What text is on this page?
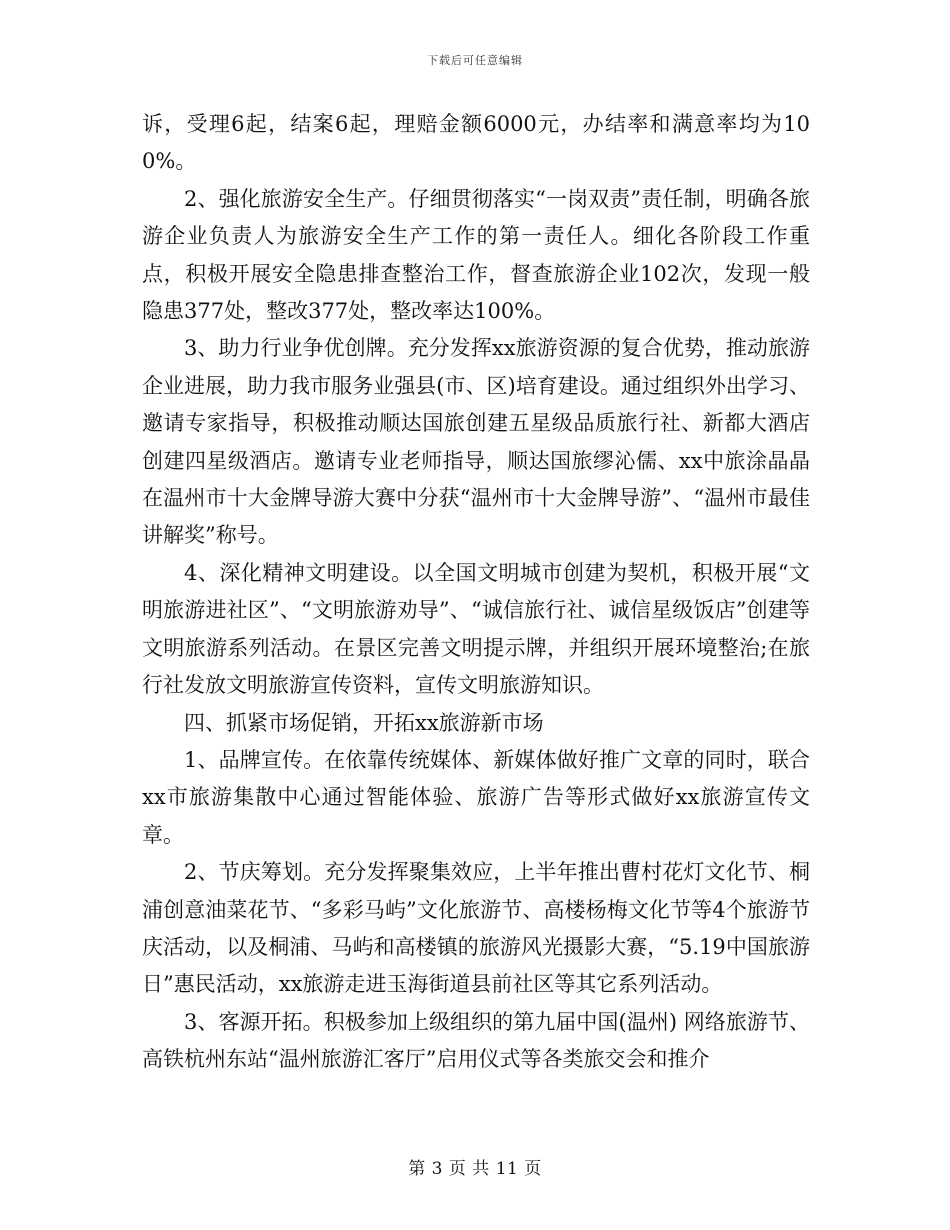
下载后可任意编辑

诉，受理6起，结案6起，理赔金额6000元，办结率和满意率均为100%。

2、强化旅游安全生产。仔细贯彻落实“一岗双责”责任制，明确各旅游企业负责人为旅游安全生产工作的第一责任人。细化各阶段工作重点，积极开展安全隐患排查整治工作，督查旅游企业102次，发现一般隐患377处，整改377处，整改率达100%。

3、助力行业争优创牌。充分发挥xx旅游资源的复合优势，推动旅游企业进展，助力我市服务业强县(市、区)培育建设。通过组织外出学习、邀请专家指导，积极推动顺达国旅创建五星级品质旅行社、新都大酒店创建四星级酒店。邀请专业老师指导，顺达国旅缪沁儒、xx中旅涂晶晶在温州市十大金牌导游大赛中分获“温州市十大金牌导游”、“温州市最佳讲解奖”称号。

4、深化精神文明建设。以全国文明城市创建为契机，积极开展“文明旅游进社区”、“文明旅游劝导”、“诚信旅行社、诚信星级饭店”创建等文明旅游系列活动。在景区完善文明提示牌，并组织开展环境整治;在旅行社发放文明旅游宣传资料，宣传文明旅游知识。

四、抓紧市场促销，开拓xx旅游新市场

1、品牌宣传。在依靠传统媒体、新媒体做好推广文章的同时，联合xx市旅游集散中心通过智能体验、旅游广告等形式做好xx旅游宣传文章。

2、节庆筹划。充分发挥聚集效应，上半年推出曹村花灯文化节、桐浦创意油菜花节、“多彩马屿”文化旅游节、高楼杨梅文化节等4个旅游节庆活动，以及桐浦、马屿和高楼镇的旅游风光摄影大赛，“5.19中国旅游日”惠民活动，xx旅游走进玉海街道县前社区等其它系列活动。

3、客源开拓。积极参加上级组织的第九届中国(温州) 网络旅游节、高铁杭州东站“温州旅游汇客厅”启用仪式等各类旅交会和推介

第 3 页 共 11 页
